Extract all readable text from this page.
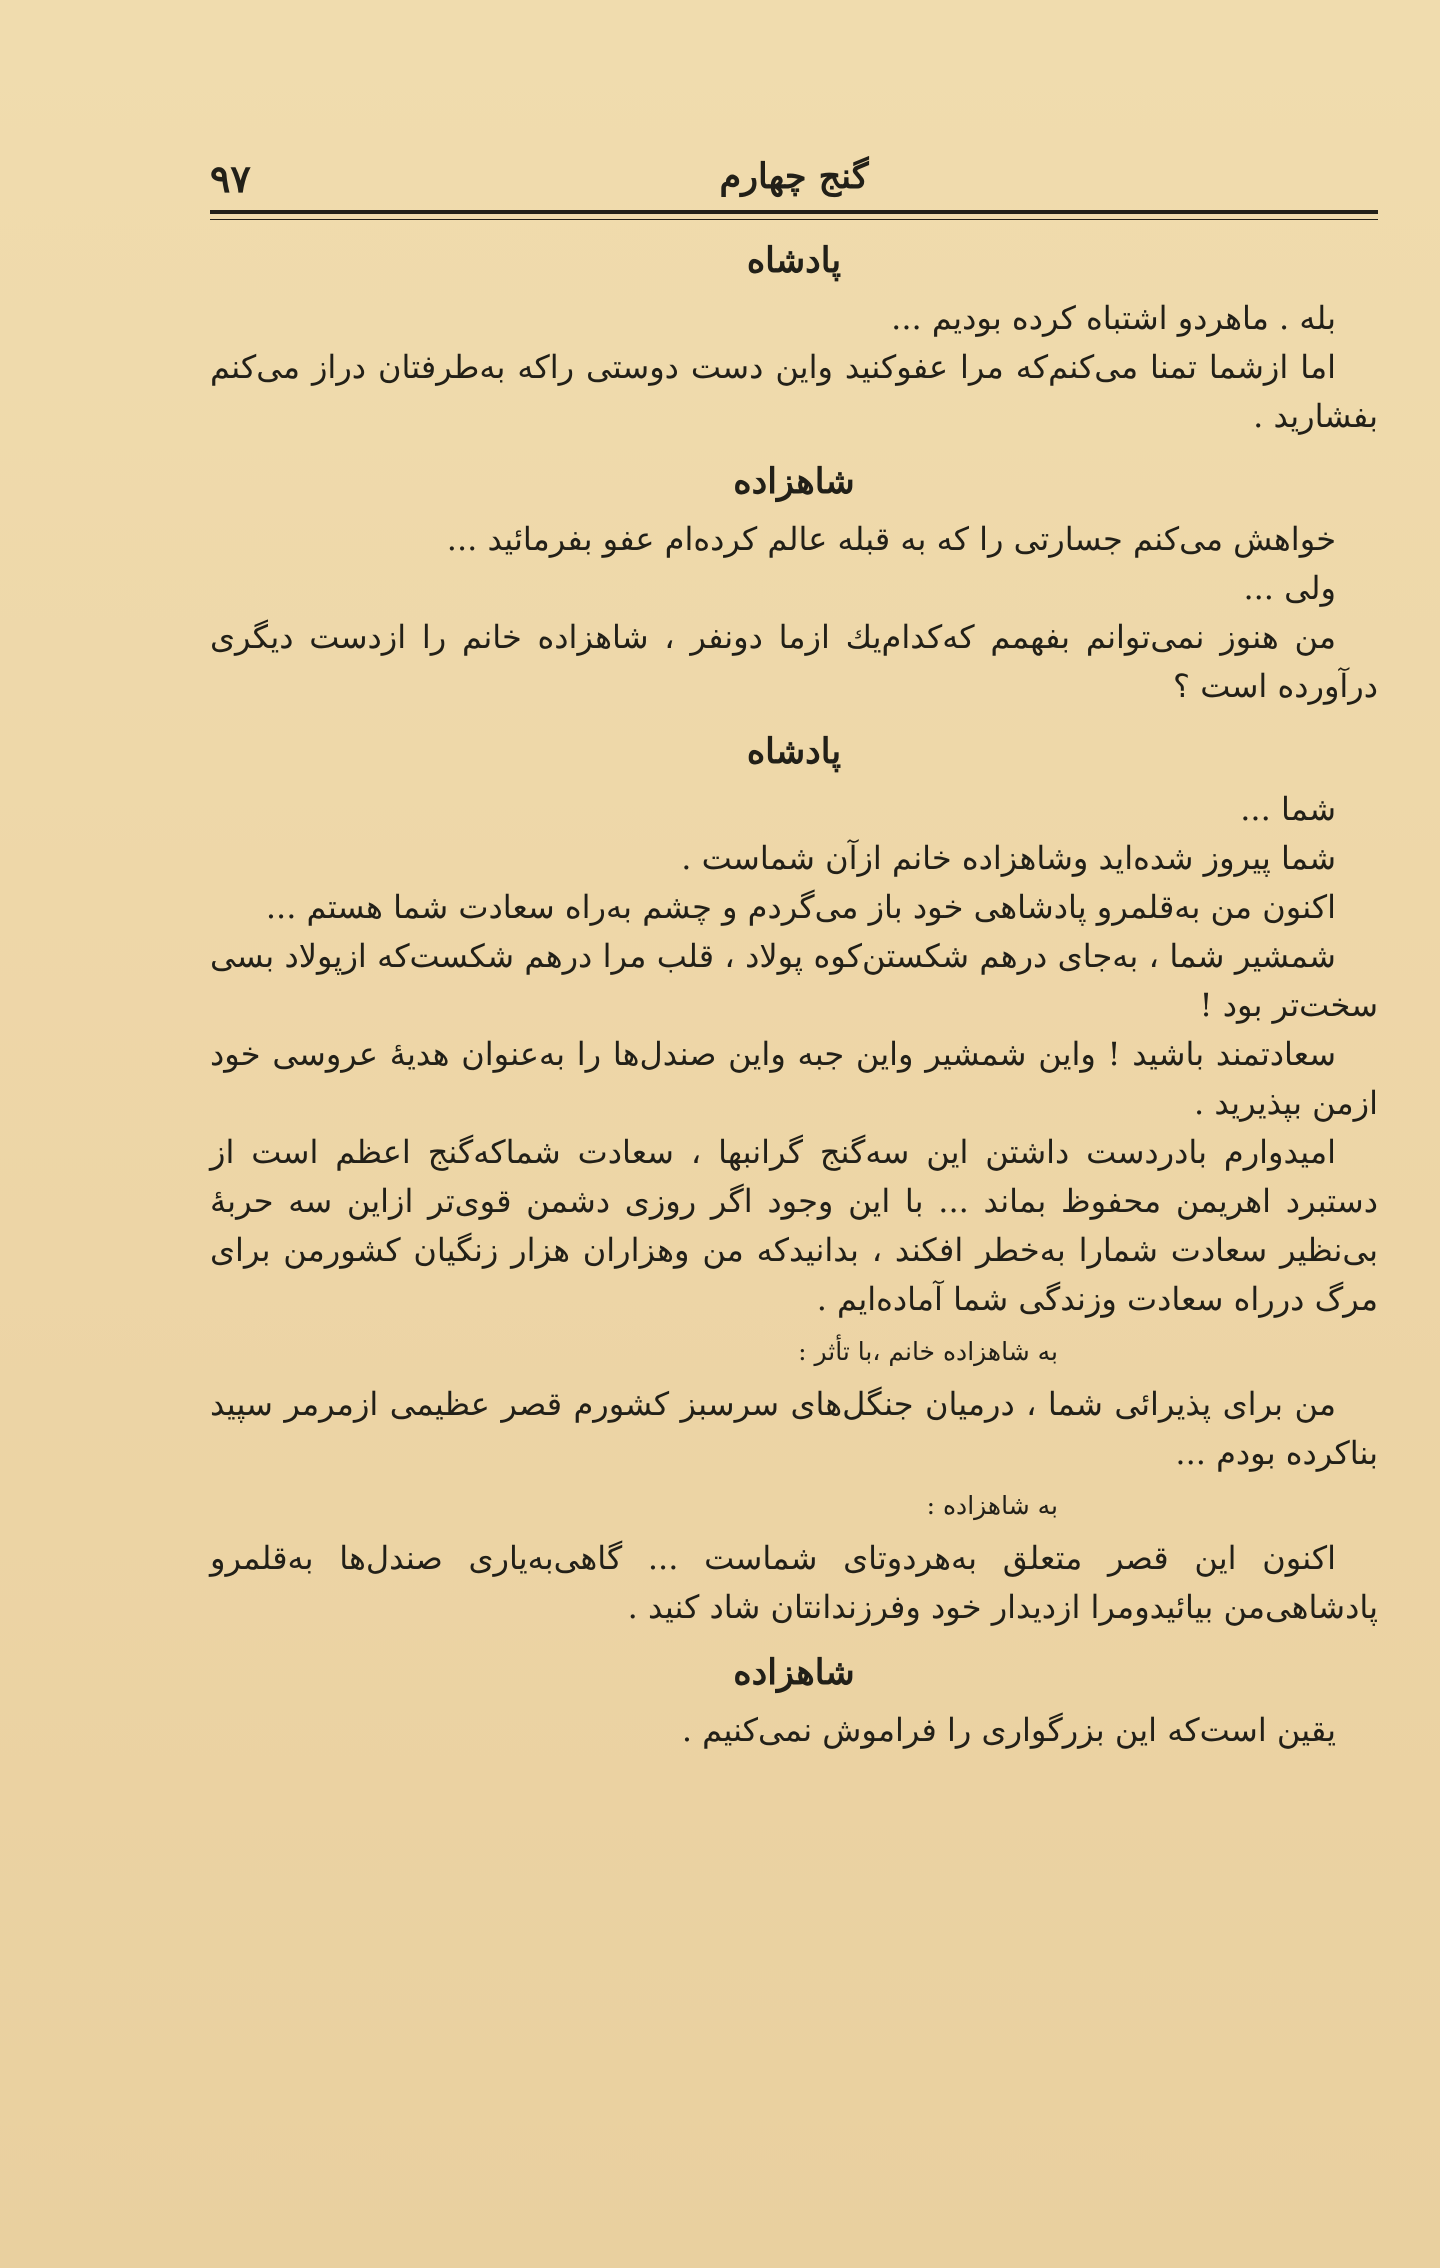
گنج چهارم
۹۷
پادشاه

بله . ماهردو اشتباه کرده بودیم ...

اما ازشما تمنا می‌کنم‌که مرا عفوکنید واین دست دوستی راکه به‌طرفتان دراز می‌کنم بفشارید .

شاهزاده

خواهش می‌کنم جسارتی را که به قبله عالم کرده‌ام عفو بفرمائید ...

ولی ...

من هنوز نمی‌توانم بفهمم که‌کدام‌یك ازما دونفر ، شاهزاده خانم را ازدست دیگری درآورده است ؟

پادشاه

شما ...

شما پیروز شده‌اید وشاهزاده خانم ازآن شماست .

اکنون من به‌قلمرو پادشاهی خود باز می‌گردم و چشم به‌راه سعادت شما هستم ...

شمشیر شما ، به‌جای درهم شکستن‌کوه پولاد ، قلب مرا درهم شکست‌که ازپولاد بسی سخت‌تر بود !

سعادتمند باشید ! واین شمشیر واین جبه واین صندل‌ها را به‌عنوان هدیهٔ عروسی خود ازمن بپذیرید .

امیدوارم بادردست داشتن این سه‌گنج گرانبها ، سعادت شماکه‌گنج اعظم است از دستبرد اهریمن محفوظ بماند ... با این وجود اگر روزی دشمن قوی‌تر ازاین سه حربهٔ بی‌نظیر سعادت شمارا به‌خطر افکند ، بدانیدکه من وهزاران هزار زنگیان کشورمن برای مرگ درراه سعادت وزندگی شما آماده‌ایم .

به شاهزاده خانم ،با تأثر :

من برای پذیرائی شما ، درمیان جنگل‌های سرسبز کشورم قصر عظیمی ازمرمر سپید بناکرده بودم ...

به شاهزاده :

اکنون این قصر متعلق به‌هردوتای شماست ... گاهی‌به‌یاری صندل‌ها به‌قلمرو پادشاهی‌من بیائیدومرا ازدیدار خود وفرزندانتان شاد کنید .

شاهزاده

یقین است‌که این بزرگواری را فراموش نمی‌کنیم .
